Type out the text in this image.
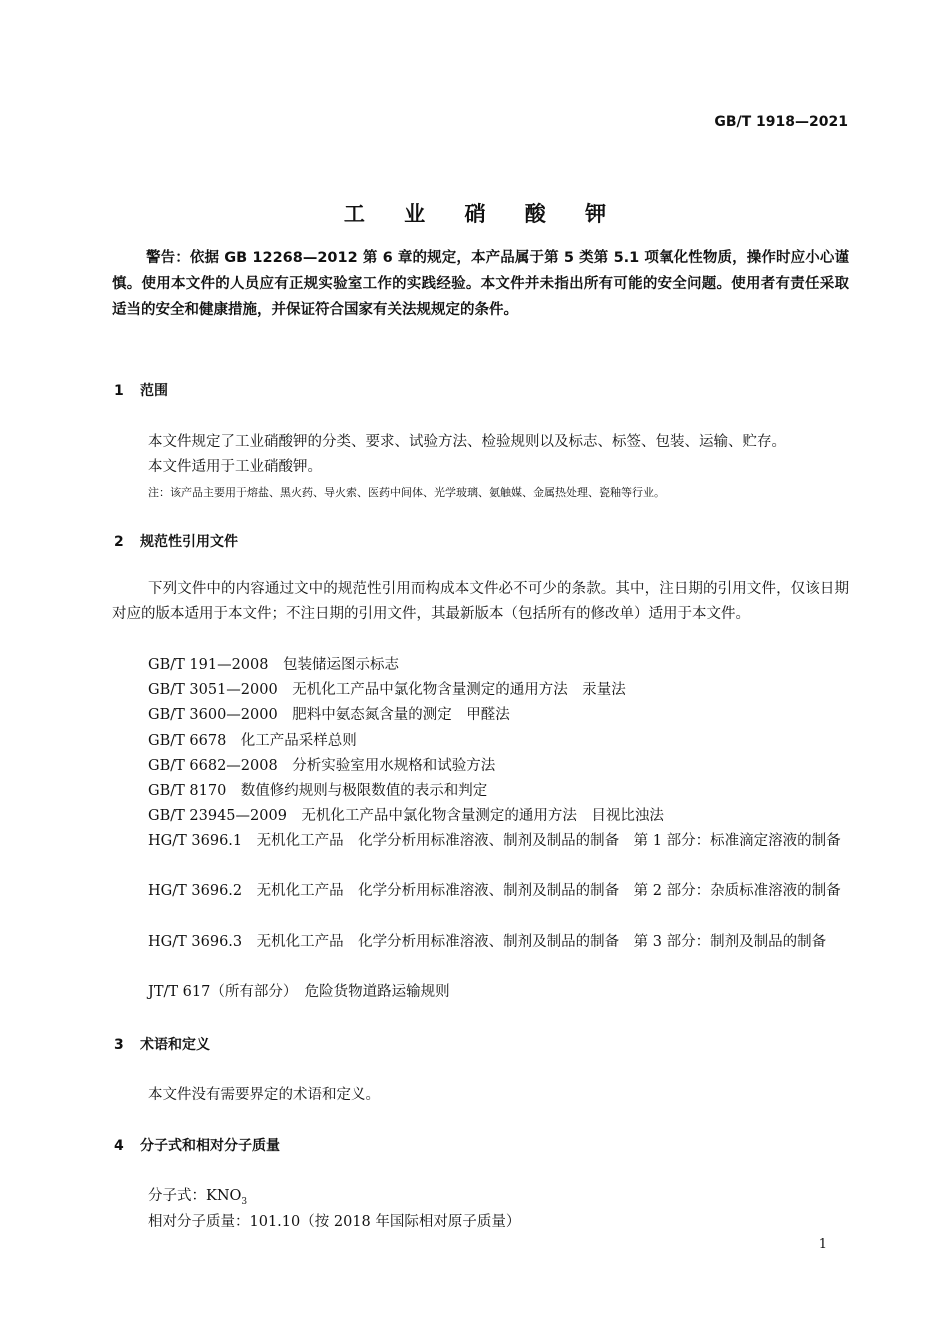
GB/T 1918—2021
工 业 硝 酸 钾
警告：依据 GB 12268—2012 第 6 章的规定，本产品属于第 5 类第 5.1 项氧化性物质，操作时应小心谨慎。使用本文件的人员应有正规实验室工作的实践经验。本文件并未指出所有可能的安全问题。使用者有责任采取适当的安全和健康措施，并保证符合国家有关法规规定的条件。
1 范围
本文件规定了工业硝酸钾的分类、要求、试验方法、检验规则以及标志、标签、包装、运输、贮存。
本文件适用于工业硝酸钾。
注：该产品主要用于熔盐、黑火药、导火索、医药中间体、光学玻璃、氨触媒、金属热处理、瓷釉等行业。
2 规范性引用文件
下列文件中的内容通过文中的规范性引用而构成本文件必不可少的条款。其中，注日期的引用文件，仅该日期对应的版本适用于本文件；不注日期的引用文件，其最新版本（包括所有的修改单）适用于本文件。
GB/T 191—2008　包装储运图示标志
GB/T 3051—2000　无机化工产品中氯化物含量测定的通用方法　汞量法
GB/T 3600—2000　肥料中氨态氮含量的测定　甲醛法
GB/T 6678　化工产品采样总则
GB/T 6682—2008　分析实验室用水规格和试验方法
GB/T 8170　数值修约规则与极限数值的表示和判定
GB/T 23945—2009　无机化工产品中氯化物含量测定的通用方法　目视比浊法
HG/T 3696.1　无机化工产品　化学分析用标准溶液、制剂及制品的制备　第 1 部分：标准滴定溶液的制备
HG/T 3696.2　无机化工产品　化学分析用标准溶液、制剂及制品的制备　第 2 部分：杂质标准溶液的制备
HG/T 3696.3　无机化工产品　化学分析用标准溶液、制剂及制品的制备　第 3 部分：制剂及制品的制备
JT/T 617（所有部分）　危险货物道路运输规则
3 术语和定义
本文件没有需要界定的术语和定义。
4 分子式和相对分子质量
分子式：$KNO_3$
相对分子质量：101.10（按 2018 年国际相对原子质量）
1
